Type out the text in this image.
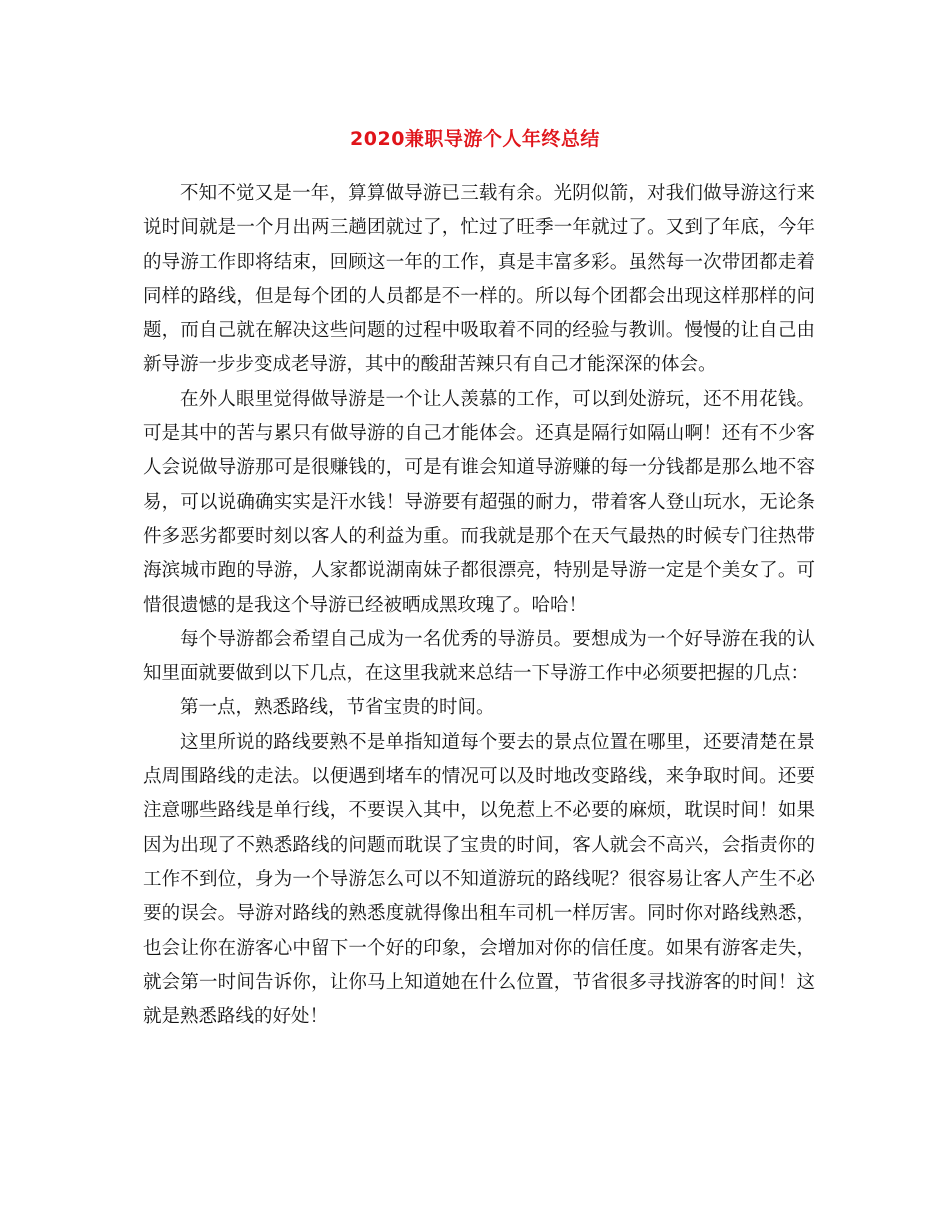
2020兼职导游个人年终总结

不知不觉又是一年，算算做导游已三载有余。光阴似箭，对我们做导游这行来说时间就是一个月出两三趟团就过了，忙过了旺季一年就过了。又到了年底，今年的导游工作即将结束，回顾这一年的工作，真是丰富多彩。虽然每一次带团都走着同样的路线，但是每个团的人员都是不一样的。所以每个团都会出现这样那样的问题，而自己就在解决这些问题的过程中吸取着不同的经验与教训。慢慢的让自己由新导游一步步变成老导游，其中的酸甜苦辣只有自己才能深深的体会。

在外人眼里觉得做导游是一个让人羡慕的工作，可以到处游玩，还不用花钱。可是其中的苦与累只有做导游的自己才能体会。还真是隔行如隔山啊！还有不少客人会说做导游那可是很赚钱的，可是有谁会知道导游赚的每一分钱都是那么地不容易，可以说确确实实是汗水钱！导游要有超强的耐力，带着客人登山玩水，无论条件多恶劣都要时刻以客人的利益为重。而我就是那个在天气最热的时候专门往热带海滨城市跑的导游，人家都说湖南妹子都很漂亮，特别是导游一定是个美女了。可惜很遗憾的是我这个导游已经被晒成黑玫瑰了。哈哈！

每个导游都会希望自己成为一名优秀的导游员。要想成为一个好导游在我的认知里面就要做到以下几点，在这里我就来总结一下导游工作中必须要把握的几点：

第一点，熟悉路线，节省宝贵的时间。

这里所说的路线要熟不是单指知道每个要去的景点位置在哪里，还要清楚在景点周围路线的走法。以便遇到堵车的情况可以及时地改变路线，来争取时间。还要注意哪些路线是单行线，不要误入其中，以免惹上不必要的麻烦，耽误时间！如果因为出现了不熟悉路线的问题而耽误了宝贵的时间，客人就会不高兴，会指责你的工作不到位，身为一个导游怎么可以不知道游玩的路线呢？很容易让客人产生不必要的误会。导游对路线的熟悉度就得像出租车司机一样厉害。同时你对路线熟悉，也会让你在游客心中留下一个好的印象，会增加对你的信任度。如果有游客走失，就会第一时间告诉你，让你马上知道她在什么位置，节省很多寻找游客的时间！这就是熟悉路线的好处！
